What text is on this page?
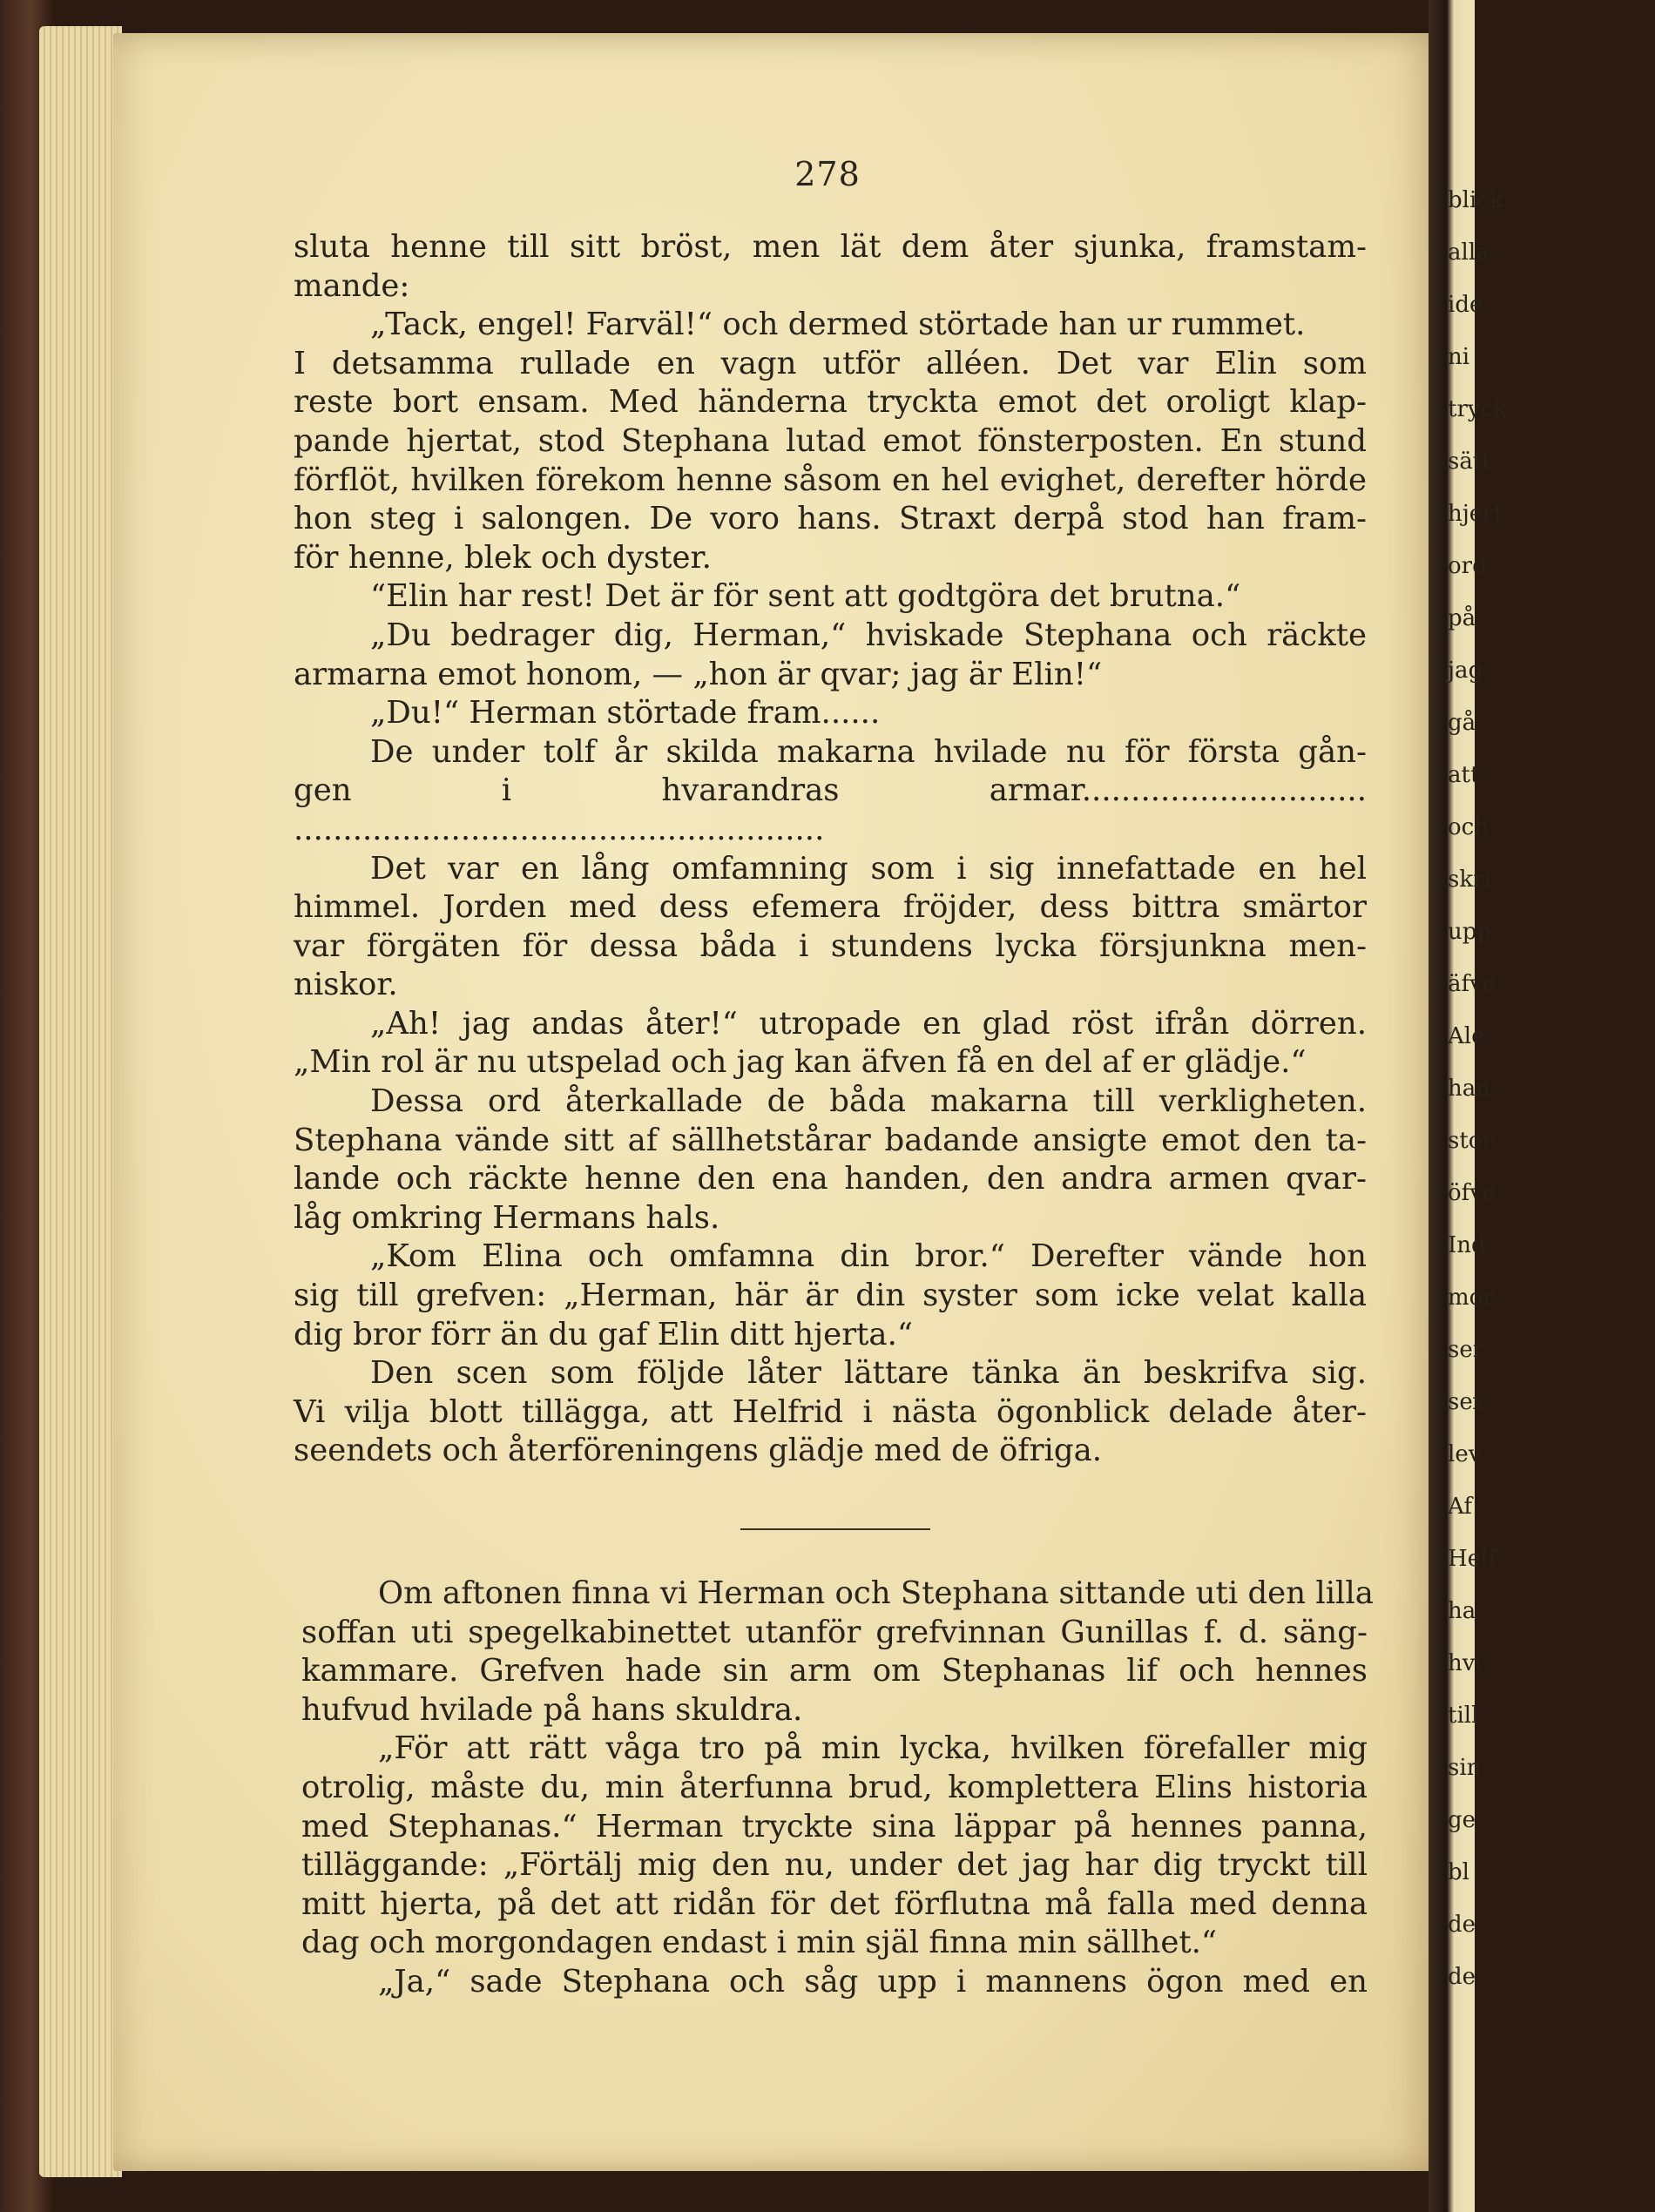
blick
alla
ide
ni
tryck
sätt
hjert
ord
på
jag
gå
att
och
skri
upp
äfve
Ale
han
stor
öfve
Ind
mor
ser.
sex
lev
Af
Helf
ha
hvi
till
sin
ge
bl
de
de
278
sluta henne till sitt bröst, men lät dem åter sjunka, framstam-
mande:
„Tack, engel! Farväl!“ och dermed störtade han ur rummet.
I detsamma rullade en vagn utför alléen. Det var Elin som
reste bort ensam. Med händerna tryckta emot det oroligt klap-
pande hjertat, stod Stephana lutad emot fönsterposten. En stund
förflöt, hvilken förekom henne såsom en hel evighet, derefter hörde
hon steg i salongen. De voro hans. Straxt derpå stod han fram-
för henne, blek och dyster.
“Elin har rest! Det är för sent att godtgöra det brutna.“
„Du bedrager dig, Herman,“ hviskade Stephana och räckte
armarna emot honom, — „hon är qvar; jag är Elin!“
„Du!“ Herman störtade fram......
De under tolf år skilda makarna hvilade nu för första gån-
gen i hvarandras armar.............................
......................................................
Det var en lång omfamning som i sig innefattade en hel
himmel. Jorden med dess efemera fröjder, dess bittra smärtor
var förgäten för dessa båda i stundens lycka försjunkna men-
niskor.
„Ah! jag andas åter!“ utropade en glad röst ifrån dörren.
„Min rol är nu utspelad och jag kan äfven få en del af er glädje.“
Dessa ord återkallade de båda makarna till verkligheten.
Stephana vände sitt af sällhetstårar badande ansigte emot den ta-
lande och räckte henne den ena handen, den andra armen qvar-
låg omkring Hermans hals.
„Kom Elina och omfamna din bror.“ Derefter vände hon
sig till grefven: „Herman, här är din syster som icke velat kalla
dig bror förr än du gaf Elin ditt hjerta.“
Den scen som följde låter lättare tänka än beskrifva sig.
Vi vilja blott tillägga, att Helfrid i nästa ögonblick delade åter-
seendets och återföreningens glädje med de öfriga.
Om aftonen finna vi Herman och Stephana sittande uti den lilla
soffan uti spegelkabinettet utanför grefvinnan Gunillas f. d. säng-
kammare. Grefven hade sin arm om Stephanas lif och hennes
hufvud hvilade på hans skuldra.
„För att rätt våga tro på min lycka, hvilken förefaller mig
otrolig, måste du, min återfunna brud, komplettera Elins historia
med Stephanas.“ Herman tryckte sina läppar på hennes panna,
tilläggande: „Förtälj mig den nu, under det jag har dig tryckt till
mitt hjerta, på det att ridån för det förflutna må falla med denna
dag och morgondagen endast i min själ finna min sällhet.“
„Ja,“ sade Stephana och såg upp i mannens ögon med en
